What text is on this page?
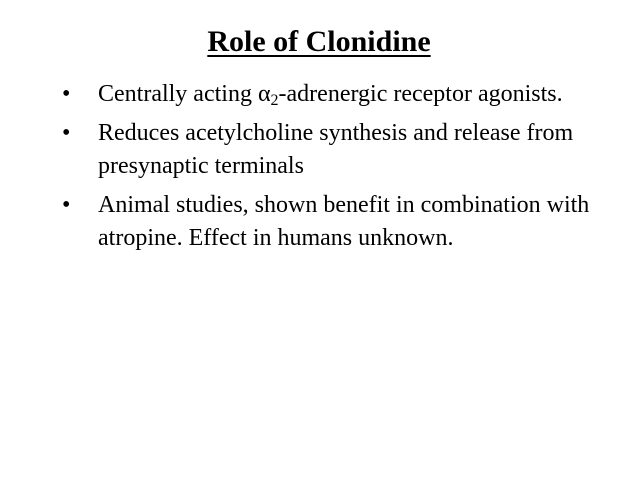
Role of Clonidine
•	Centrally acting $\alpha_2$-adrenergic receptor agonists.
•	Reduces acetylcholine synthesis and release from presynaptic terminals
•	Animal studies, shown benefit in combination with atropine. Effect in humans unknown.
